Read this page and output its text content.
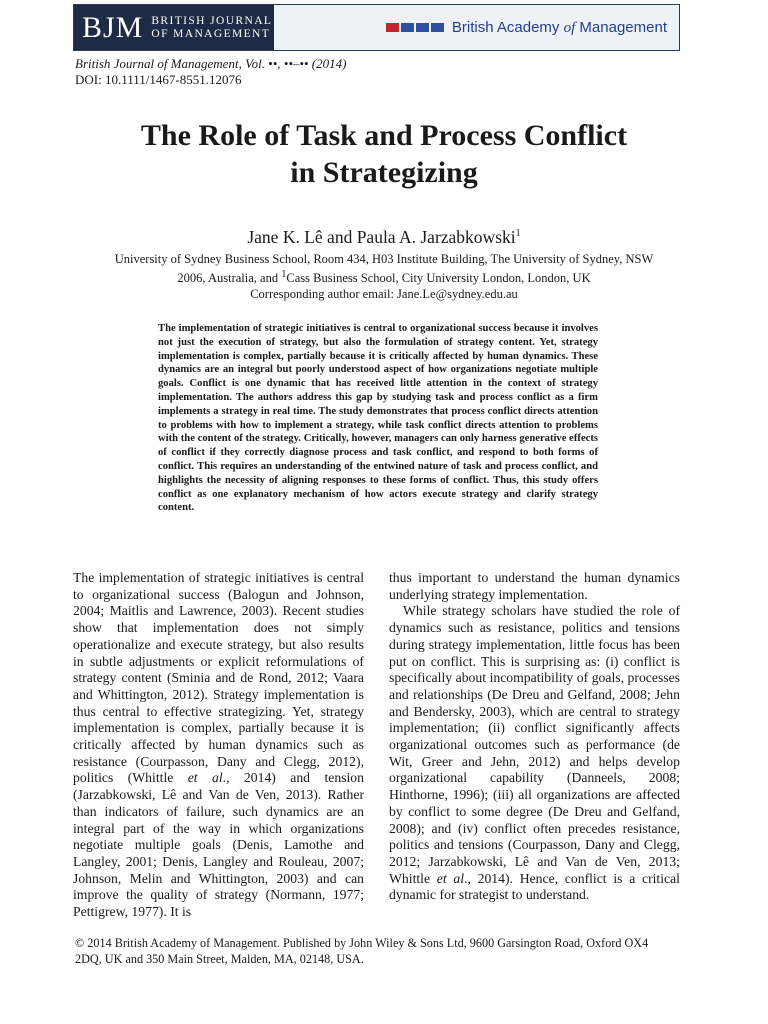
BJM BRITISH JOURNAL
OF MANAGEMENT	British Academy of Management
British Journal of Management, Vol. ••, ••–•• (2014)
DOI: 10.1111/1467-8551.12076
The Role of Task and Process Conflict
in Strategizing
Jane K. Lê and Paula A. Jarzabkowski$^1$
University of Sydney Business School, Room 434, H03 Institute Building, The University of Sydney, NSW
2006, Australia, and $^1$Cass Business School, City University London, London, UK
Corresponding author email: Jane.Le@sydney.edu.au
The implementation of strategic initiatives is central to organizational success because it involves not just the execution of strategy, but also the formulation of strategy content. Yet, strategy implementation is complex, partially because it is critically affected by human dynamics. These dynamics are an integral but poorly understood aspect of how organizations negotiate multiple goals. Conflict is one dynamic that has received little attention in the context of strategy implementation. The authors address this gap by studying task and process conflict as a firm implements a strategy in real time. The study demonstrates that process conflict directs attention to problems with how to implement a strategy, while task conflict directs attention to problems with the content of the strategy. Critically, however, managers can only harness generative effects of conflict if they correctly diagnose process and task conflict, and respond to both forms of conflict. This requires an understanding of the entwined nature of task and process conflict, and highlights the necessity of aligning responses to these forms of conflict. Thus, this study offers conflict as one explanatory mechanism of how actors execute strategy and clarify strategy content.

The implementation of strategic initiatives is central to organizational success (Balogun and Johnson, 2004; Maitlis and Lawrence, 2003). Recent studies show that implementation does not simply operationalize and execute strategy, but also results in subtle adjustments or explicit reformulations of strategy content (Sminia and de Rond, 2012; Vaara and Whittington, 2012). Strategy implementation is thus central to effective strategizing. Yet, strategy implementation is complex, partially because it is critically affected by human dynamics such as resistance (Courpasson, Dany and Clegg, 2012), politics (Whittle et al., 2014) and tension (Jarzabkowski, Lê and Van de Ven, 2013). Rather than indicators of failure, such dynamics are an integral part of the way in which organizations negotiate multiple goals (Denis, Lamothe and Langley, 2001; Denis, Langley and Rouleau, 2007; Johnson, Melin and Whittington, 2003) and can improve the quality of strategy (Normann, 1977; Pettigrew, 1977). It is

thus important to understand the human dynamics underlying strategy implementation.

While strategy scholars have studied the role of dynamics such as resistance, politics and tensions during strategy implementation, little focus has been put on conflict. This is surprising as: (i) conflict is specifically about incompatibility of goals, processes and relationships (De Dreu and Gelfand, 2008; Jehn and Bendersky, 2003), which are central to strategy implementation; (ii) conflict significantly affects organizational outcomes such as performance (de Wit, Greer and Jehn, 2012) and helps develop organizational capability (Danneels, 2008; Hinthorne, 1996); (iii) all organizations are affected by conflict to some degree (De Dreu and Gelfand, 2008); and (iv) conflict often precedes resistance, politics and tensions (Courpasson, Dany and Clegg, 2012; Jarzabkowski, Lê and Van de Ven, 2013; Whittle et al., 2014). Hence, conflict is a critical dynamic for strategist to understand.

© 2014 British Academy of Management. Published by John Wiley & Sons Ltd, 9600 Garsington Road, Oxford OX4
2DQ, UK and 350 Main Street, Malden, MA, 02148, USA.
